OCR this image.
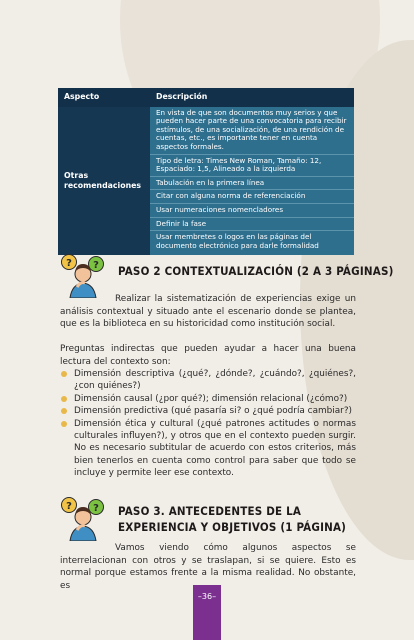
Aspecto	Descripción
Otras recomendaciones	En vista de que son documentos muy serios y que pueden hacer parte de una convocatoria para recibir estímulos, de una socialización, de una rendición de cuentas, etc., es importante tener en cuenta aspectos formales.
	Tipo de letra: Times New Roman, Tamaño: 12, Espaciado: 1,5, Alineado a la izquierda
	Tabulación en la primera línea
	Citar con alguna norma de referenciación
	Usar numeraciones nomencladores
	Definir la fase
	Usar membretes o logos en las páginas del documento electrónico para darle formalidad
? ? PASO 2 CONTEXTUALIZACIÓN (2 A 3 PÁGINAS)
Realizar la sistematización de experiencias exige un análisis contextual y situado ante el escenario donde se plantea, que es la biblioteca en su historicidad como institución social.
Preguntas indirectas que pueden ayudar a hacer una buena lectura del contexto son:
Dimensión descriptiva (¿qué?, ¿dónde?, ¿cuándo?, ¿quiénes?, ¿con quiénes?)
Dimensión causal (¿por qué?); dimensión relacional (¿cómo?)
Dimensión predictiva (qué pasaría si? o ¿qué podría cambiar?)
Dimensión ética y cultural (¿qué patrones actitudes o normas culturales influyen?), y otros que en el contexto pueden surgir. No es necesario subtitular de acuerdo con estos criterios, más bien tenerlos en cuenta como control para saber que todo se incluye y permite leer ese contexto.
? ? PASO 3. ANTECEDENTES DE LA EXPERIENCIA Y OBJETIVOS (1 PÁGINA)
Vamos viendo cómo algunos aspectos se interrelacionan con otros y se traslapan, si se quiere. Esto es normal porque estamos frente a la misma realidad. No obstante, es
–36–
